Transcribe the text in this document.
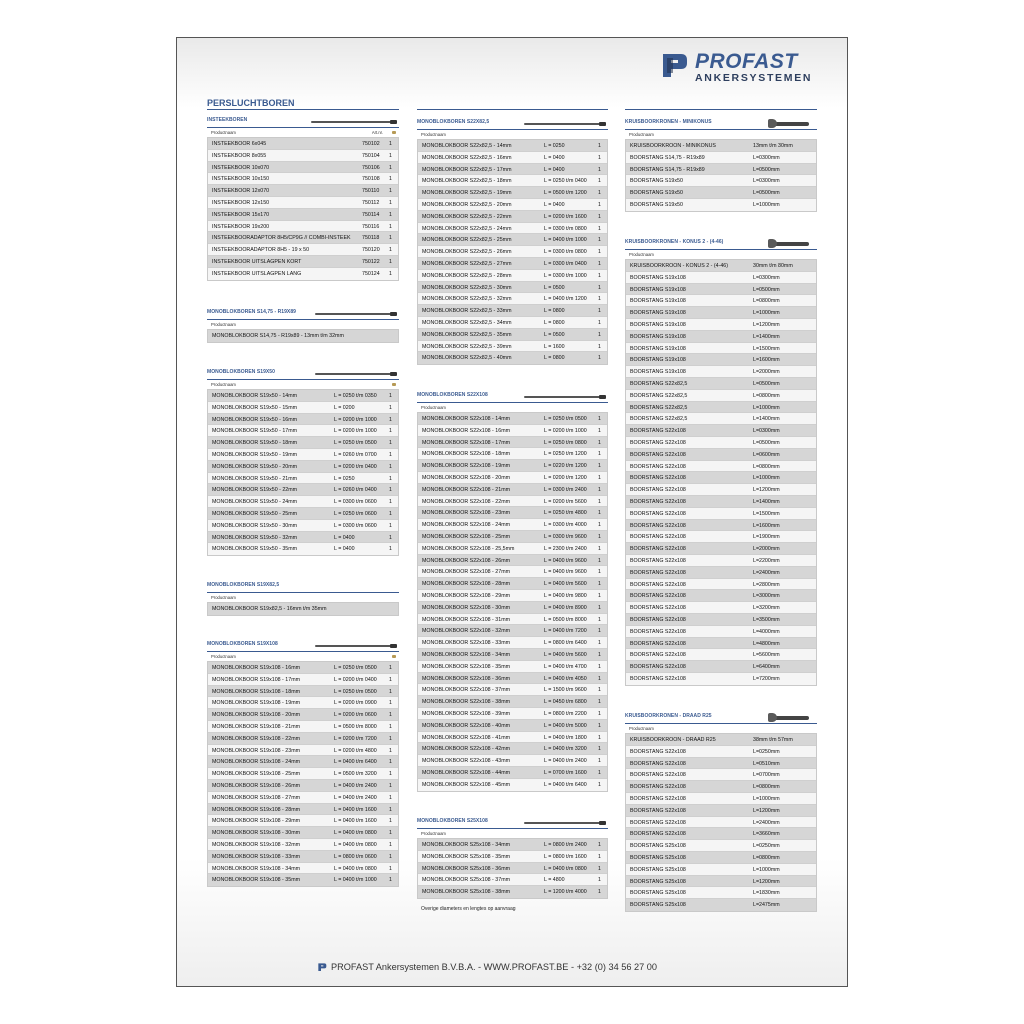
PROFAST
ANKERSYSTEMEN
PERSLUCHTBOREN
INSTEEKBOREN
Productnaam	Art.nr.
INSTEEKBOOR 6x045	750102 1
INSTEEKBOOR 8x055	750104 1
INSTEEKBOOR 10x070	750106 1
INSTEEKBOOR 10x150	750108 1
INSTEEKBOOR 12x070	750110 1
INSTEEKBOOR 12x150	750112 1
INSTEEKBOOR 15x170	750114 1
INSTEEKBOOR 19x200	750116 1
INSTEEKBOORADAPTOR 8H5/CP9G // COMBI-INSTEEK 750118 1
INSTEEKBOORADAPTOR 8H5 - 19 x 50	750120 1
INSTEEKBOOR UITSLAGPEN KORT	750122 1
INSTEEKBOOR UITSLAGPEN LANG	750124 1
MONOBLOKBOREN S14,75 - R19X89
Productnaam
MONOBLOKBOOR S14,75 - R19x89 - 13mm t/m 32mm
MONOBLOKBOREN S19X50
Productnaam
MONOBLOKBOOR S19x50 - 14mm	L = 0250 t/m 0350 1
MONOBLOKBOOR S19x50 - 15mm	L = 0200	1
MONOBLOKBOOR S19x50 - 16mm	L = 0200 t/m 1000 1
MONOBLOKBOOR S19x50 - 17mm	L = 0200 t/m 1000 1
MONOBLOKBOOR S19x50 - 18mm	L = 0250 t/m 0500 1
MONOBLOKBOOR S19x50 - 19mm	L = 0260 t/m 0700 1
MONOBLOKBOOR S19x50 - 20mm	L = 0200 t/m 0400 1
MONOBLOKBOOR S19x50 - 21mm	L = 0250	1
MONOBLOKBOOR S19x50 - 22mm	L = 0260 t/m 0400 1
MONOBLOKBOOR S19x50 - 24mm	L = 0300 t/m 0600 1
MONOBLOKBOOR S19x50 - 25mm	L = 0250 t/m 0600 1
MONOBLOKBOOR S19x50 - 30mm	L = 0300 t/m 0600 1
MONOBLOKBOOR S19x50 - 32mm	L = 0400	1
MONOBLOKBOOR S19x50 - 35mm	L = 0400	1
MONOBLOKBOREN S19X82,5
Productnaam
MONOBLOKBOOR S19x82,5 - 16mm t/m 35mm
MONOBLOKBOREN S19X108
Productnaam
MONOBLOKBOOR S19x108 - 16mm	L = 0250 t/m 0500 1
MONOBLOKBOOR S19x108 - 17mm	L = 0200 t/m 0400 1
MONOBLOKBOOR S19x108 - 18mm	L = 0250 t/m 0500 1
MONOBLOKBOOR S19x108 - 19mm	L = 0200 t/m 0900 1
MONOBLOKBOOR S19x108 - 20mm	L = 0200 t/m 0600 1
MONOBLOKBOOR S19x108 - 21mm	L = 0500 t/m 8000 1
MONOBLOKBOOR S19x108 - 22mm	L = 0200 t/m 7200 1
MONOBLOKBOOR S19x108 - 23mm	L = 0200 t/m 4800 1
MONOBLOKBOOR S19x108 - 24mm	L = 0400 t/m 6400 1
MONOBLOKBOOR S19x108 - 25mm	L = 0500 t/m 3200 1
MONOBLOKBOOR S19x108 - 26mm	L = 0400 t/m 2400 1
MONOBLOKBOOR S19x108 - 27mm	L = 0400 t/m 2400 1
MONOBLOKBOOR S19x108 - 28mm	L = 0400 t/m 1600 1
MONOBLOKBOOR S19x108 - 29mm	L = 0400 t/m 1600 1
MONOBLOKBOOR S19x108 - 30mm	L = 0400 t/m 0800 1
MONOBLOKBOOR S19x108 - 32mm	L = 0400 t/m 0800 1
MONOBLOKBOOR S19x108 - 33mm	L = 0800 t/m 0600 1
MONOBLOKBOOR S19x108 - 34mm	L = 0400 t/m 0800 1
MONOBLOKBOOR S19x108 - 35mm	L = 0400 t/m 1000 1
MONOBLOKBOREN S22X82,5
Productnaam
MONOBLOKBOOR S22x82,5 - 14mm	L = 0250	1
MONOBLOKBOOR S22x82,5 - 16mm	L = 0400	1
MONOBLOKBOOR S22x82,5 - 17mm	L = 0400	1
MONOBLOKBOOR S22x82,5 - 18mm	L = 0250 t/m 0400 1
MONOBLOKBOOR S22x82,5 - 19mm	L = 0500 t/m 1200 1
MONOBLOKBOOR S22x82,5 - 20mm	L = 0400	1
MONOBLOKBOOR S22x82,5 - 22mm	L = 0200 t/m 1600 1
MONOBLOKBOOR S22x82,5 - 24mm	L = 0300 t/m 0800 1
MONOBLOKBOOR S22x82,5 - 25mm	L = 0400 t/m 1000 1
MONOBLOKBOOR S22x82,5 - 26mm	L = 0300 t/m 0800 1
MONOBLOKBOOR S22x82,5 - 27mm	L = 0300 t/m 0400 1
MONOBLOKBOOR S22x82,5 - 28mm	L = 0300 t/m 1000 1
MONOBLOKBOOR S22x82,5 - 30mm	L = 0500	1
MONOBLOKBOOR S22x82,5 - 32mm	L = 0400 t/m 1200 1
MONOBLOKBOOR S22x82,5 - 33mm	L = 0800	1
MONOBLOKBOOR S22x82,5 - 34mm	L = 0800	1
MONOBLOKBOOR S22x82,5 - 35mm	L = 0500	1
MONOBLOKBOOR S22x82,5 - 39mm	L = 1600	1
MONOBLOKBOOR S22x82,5 - 40mm	L = 0800	1
MONOBLOKBOREN S22X108
Productnaam
MONOBLOKBOOR S22x108 - 14mm	L = 0250 t/m 0500 1
MONOBLOKBOOR S22x108 - 16mm	L = 0200 t/m 1000 1
MONOBLOKBOOR S22x108 - 17mm	L = 0250 t/m 0800 1
MONOBLOKBOOR S22x108 - 18mm	L = 0250 t/m 1200 1
MONOBLOKBOOR S22x108 - 19mm	L = 0220 t/m 1200 1
MONOBLOKBOOR S22x108 - 20mm	L = 0200 t/m 1200 1
MONOBLOKBOOR S22x108 - 21mm	L = 0300 t/m 2400 1
MONOBLOKBOOR S22x108 - 22mm	L = 0200 t/m 5600 1
MONOBLOKBOOR S22x108 - 23mm	L = 0250 t/m 4800 1
MONOBLOKBOOR S22x108 - 24mm	L = 0300 t/m 4000 1
MONOBLOKBOOR S22x108 - 25mm	L = 0300 t/m 9600 1
MONOBLOKBOOR S22x108 - 25,5mm	L = 2300 t/m 2400 1
MONOBLOKBOOR S22x108 - 26mm	L = 0400 t/m 9600 1
MONOBLOKBOOR S22x108 - 27mm	L = 0400 t/m 9600 1
MONOBLOKBOOR S22x108 - 28mm	L = 0400 t/m 5600 1
MONOBLOKBOOR S22x108 - 29mm	L = 0400 t/m 9800 1
MONOBLOKBOOR S22x108 - 30mm	L = 0400 t/m 8900 1
MONOBLOKBOOR S22x108 - 31mm	L = 0500 t/m 8000 1
MONOBLOKBOOR S22x108 - 32mm	L = 0400 t/m 7200 1
MONOBLOKBOOR S22x108 - 33mm	L = 0800 t/m 6400 1
MONOBLOKBOOR S22x108 - 34mm	L = 0400 t/m 5600 1
MONOBLOKBOOR S22x108 - 35mm	L = 0400 t/m 4700 1
MONOBLOKBOOR S22x108 - 36mm	L = 0400 t/m 4050 1
MONOBLOKBOOR S22x108 - 37mm	L = 1500 t/m 9600 1
MONOBLOKBOOR S22x108 - 38mm	L = 0450 t/m 6800 1
MONOBLOKBOOR S22x108 - 39mm	L = 0800 t/m 2200 1
MONOBLOKBOOR S22x108 - 40mm	L = 0400 t/m 5000 1
MONOBLOKBOOR S22x108 - 41mm	L = 0400 t/m 1800 1
MONOBLOKBOOR S22x108 - 42mm	L = 0400 t/m 3200 1
MONOBLOKBOOR S22x108 - 43mm	L = 0400 t/m 2400 1
MONOBLOKBOOR S22x108 - 44mm	L = 0700 t/m 1600 1
MONOBLOKBOOR S22x108 - 45mm	L = 0400 t/m 6400 1
MONOBLOKBOREN S25X108
Productnaam
MONOBLOKBOOR S25x108 - 34mm	L = 0800 t/m 2400 1
MONOBLOKBOOR S25x108 - 35mm	L = 0800 t/m 1600 1
MONOBLOKBOOR S25x108 - 36mm	L = 0400 t/m 0800 1
MONOBLOKBOOR S25x108 - 37mm	L = 4800	1
MONOBLOKBOOR S25x108 - 38mm	L = 1200 t/m 4000 1
Overige diameters en lengtes op aanvraag
KRUISBOORKRONEN - MINIKONUS
Productnaam
KRUISBOORKROON - MINIKONUS	13mm t/m 30mm
BOORSTANG S14,75 - R19x89	L=0300mm
BOORSTANG S14,75 - R19x89	L=0500mm
BOORSTANG S19x50	L=0300mm
BOORSTANG S19x50	L=0500mm
BOORSTANG S19x50	L=1000mm
KRUISBOORKRONEN - KONUS 2 - (4-46)
Productnaam
KRUISBOORKROON - KONUS 2 - (4-46)	30mm t/m 80mm
BOORSTANG S19x108	L=0300mm
BOORSTANG S19x108	L=0500mm
BOORSTANG S19x108	L=0800mm
BOORSTANG S19x108	L=1000mm
BOORSTANG S19x108	L=1200mm
BOORSTANG S19x108	L=1400mm
BOORSTANG S19x108	L=1500mm
BOORSTANG S19x108	L=1600mm
BOORSTANG S19x108	L=2000mm
BOORSTANG S22x82,5	L=0500mm
BOORSTANG S22x82,5	L=0800mm
BOORSTANG S22x82,5	L=1000mm
BOORSTANG S22x82,5	L=1400mm
BOORSTANG S22x108	L=0300mm
BOORSTANG S22x108	L=0500mm
BOORSTANG S22x108	L=0600mm
BOORSTANG S22x108	L=0800mm
BOORSTANG S22x108	L=1000mm
BOORSTANG S22x108	L=1200mm
BOORSTANG S22x108	L=1400mm
BOORSTANG S22x108	L=1500mm
BOORSTANG S22x108	L=1600mm
BOORSTANG S22x108	L=1900mm
BOORSTANG S22x108	L=2000mm
BOORSTANG S22x108	L=2200mm
BOORSTANG S22x108	L=2400mm
BOORSTANG S22x108	L=2800mm
BOORSTANG S22x108	L=3000mm
BOORSTANG S22x108	L=3200mm
BOORSTANG S22x108	L=3500mm
BOORSTANG S22x108	L=4000mm
BOORSTANG S22x108	L=4800mm
BOORSTANG S22x108	L=5600mm
BOORSTANG S22x108	L=6400mm
BOORSTANG S22x108	L=7200mm
KRUISBOORKRONEN - DRAAD R25
Productnaam
KRUISBOORKROON - DRAAD R25	38mm t/m 57mm
BOORSTANG S22x108	L=0250mm
BOORSTANG S22x108	L=0510mm
BOORSTANG S22x108	L=0700mm
BOORSTANG S22x108	L=0800mm
BOORSTANG S22x108	L=1000mm
BOORSTANG S22x108	L=1200mm
BOORSTANG S22x108	L=2400mm
BOORSTANG S22x108	L=3660mm
BOORSTANG S25x108	L=0250mm
BOORSTANG S25x108	L=0800mm
BOORSTANG S25x108	L=1000mm
BOORSTANG S25x108	L=1200mm
BOORSTANG S25x108	L=1830mm
BOORSTANG S25x108	L=2475mm
PROFAST Ankersystemen B.V.B.A. - WWW.PROFAST.BE - +32 (0) 34 56 27 00
